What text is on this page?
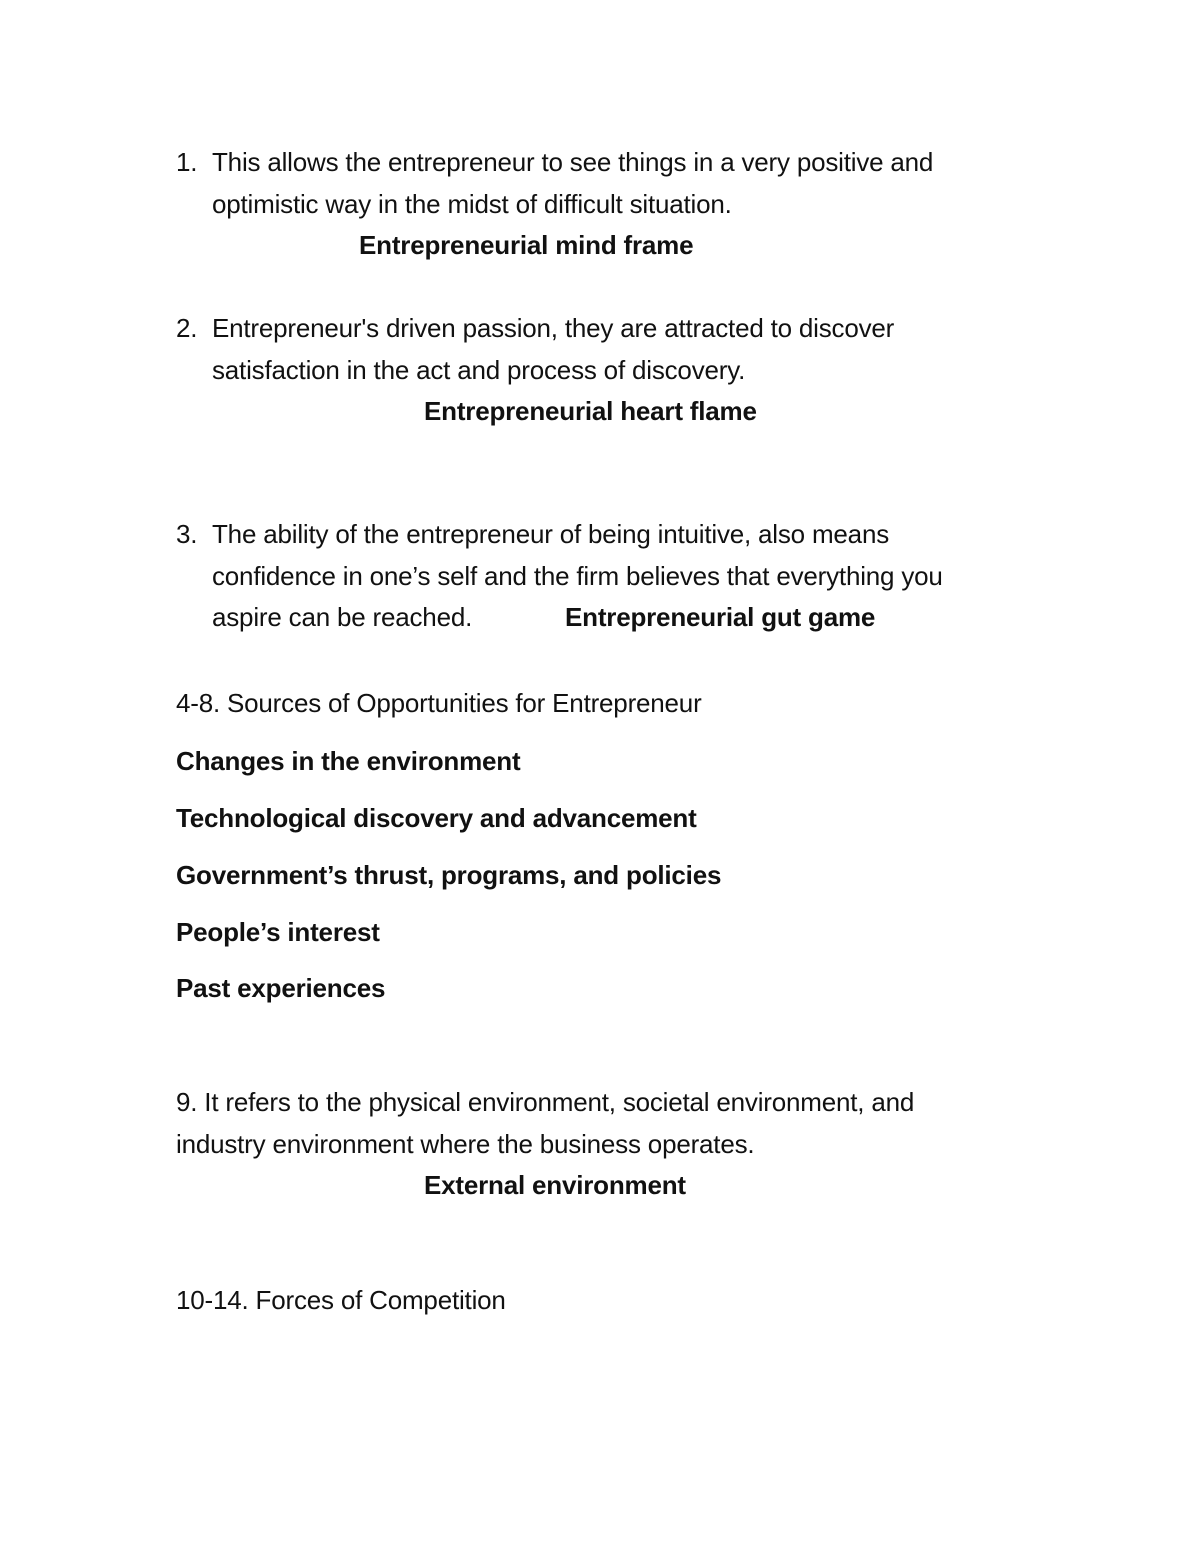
1. This allows the entrepreneur to see things in a very positive and
optimistic way in the midst of difficult situation.
Entrepreneurial mind frame
2. Entrepreneur's driven passion, they are attracted to discover
satisfaction in the act and process of discovery.
Entrepreneurial heart flame
3. The ability of the entrepreneur of being intuitive, also means
confidence in one’s self and the firm believes that everything you
aspire can be reached.	Entrepreneurial gut game
4-8. Sources of Opportunities for Entrepreneur
Changes in the environment
Technological discovery and advancement
Government’s thrust, programs, and policies
People’s interest
Past experiences
9. It refers to the physical environment, societal environment, and
industry environment where the business operates.
External environment
10-14. Forces of Competition
